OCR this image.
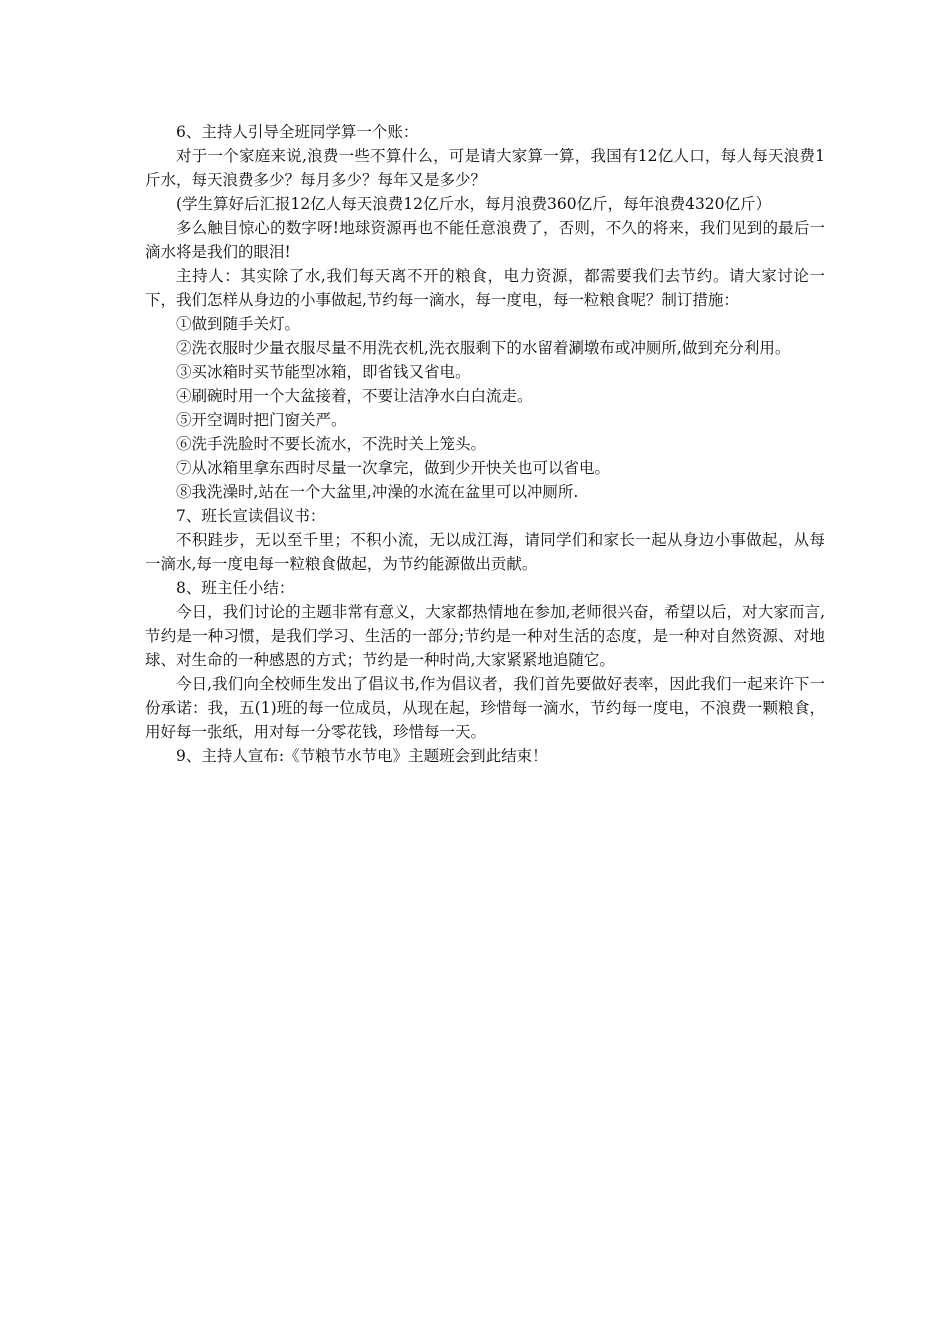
6、主持人引导全班同学算一个账：

对于一个家庭来说,浪费一些不算什么，可是请大家算一算，我国有12亿人口，每人每天浪费1斤水，每天浪费多少？每月多少？每年又是多少？

(学生算好后汇报12亿人每天浪费12亿斤水，每月浪费360亿斤，每年浪费4320亿斤）

多么触目惊心的数字呀!地球资源再也不能任意浪费了，否则，不久的将来，我们见到的最后一滴水将是我们的眼泪!

主持人：其实除了水,我们每天离不开的粮食，电力资源，都需要我们去节约。请大家讨论一下，我们怎样从身边的小事做起,节约每一滴水，每一度电，每一粒粮食呢？制订措施：

①做到随手关灯。

②洗衣服时少量衣服尽量不用洗衣机,洗衣服剩下的水留着涮墩布或冲厕所,做到充分利用。

③买冰箱时买节能型冰箱，即省钱又省电。

④刷碗时用一个大盆接着，不要让洁净水白白流走。

⑤开空调时把门窗关严。

⑥洗手洗脸时不要长流水，不洗时关上笼头。

⑦从冰箱里拿东西时尽量一次拿完，做到少开快关也可以省电。

⑧我洗澡时,站在一个大盆里,冲澡的水流在盆里可以冲厕所.

7、班长宣读倡议书：

不积跬步，无以至千里；不积小流，无以成江海，请同学们和家长一起从身边小事做起，从每一滴水,每一度电每一粒粮食做起，为节约能源做出贡献。

8、班主任小结：

今日，我们讨论的主题非常有意义，大家都热情地在参加,老师很兴奋，希望以后，对大家而言,节约是一种习惯，是我们学习、生活的一部分;节约是一种对生活的态度，是一种对自然资源、对地球、对生命的一种感恩的方式；节约是一种时尚,大家紧紧地追随它。

今日,我们向全校师生发出了倡议书,作为倡议者，我们首先要做好表率，因此我们一起来许下一份承诺：我，五(1)班的每一位成员，从现在起，珍惜每一滴水，节约每一度电，不浪费一颗粮食，用好每一张纸，用对每一分零花钱，珍惜每一天。

9、主持人宣布:《节粮节水节电》主题班会到此结束！
